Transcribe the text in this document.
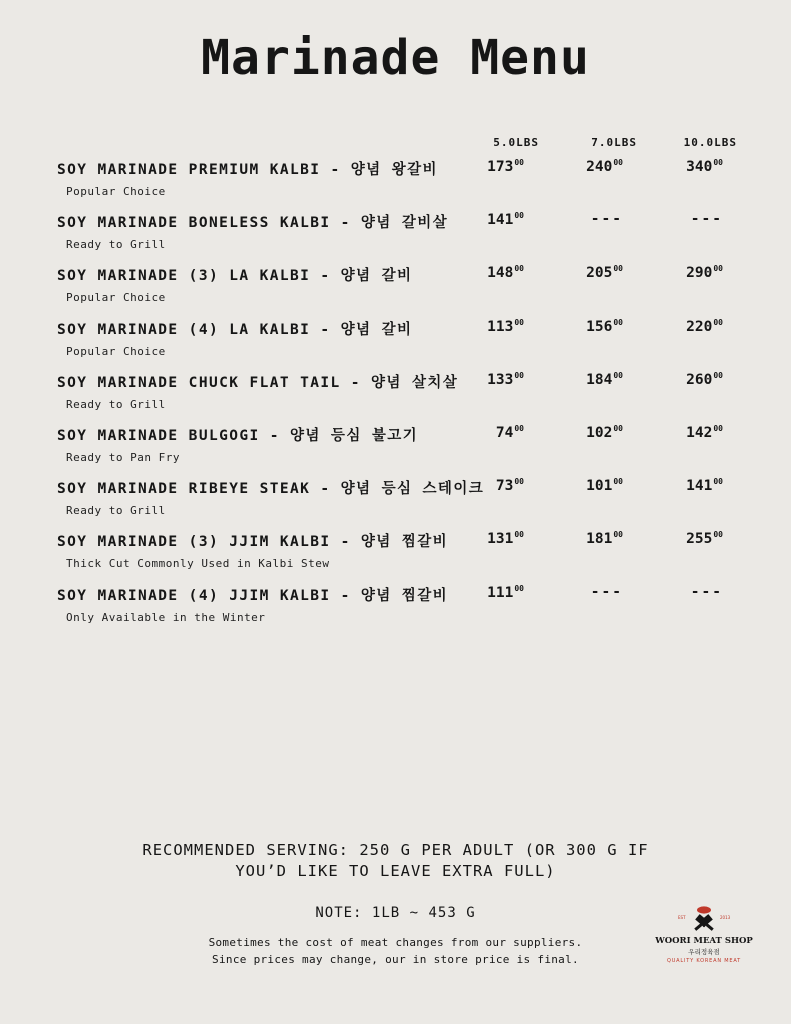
Marinade Menu
5.0LBS	7.0LBS	10.0LBS
SOY MARINADE PREMIUM KALBI - 양념 왕갈비
Popular Choice
$173^{00}$	$240^{00}$	$340^{00}$
SOY MARINADE BONELESS KALBI - 양념 갈비살
Ready to Grill
$141^{00}$	---	---
SOY MARINADE (3) LA KALBI - 양념 갈비
Popular Choice
$148^{00}$	$205^{00}$	$290^{00}$
SOY MARINADE (4) LA KALBI - 양념 갈비
Popular Choice
$113^{00}$	$156^{00}$	$220^{00}$
SOY MARINADE CHUCK FLAT TAIL - 양념 살치살
Ready to Grill
$133^{00}$	$184^{00}$	$260^{00}$
SOY MARINADE BULGOGI - 양념 등심 불고기
Ready to Pan Fry
$74^{00}$	$102^{00}$	$142^{00}$
SOY MARINADE RIBEYE STEAK - 양념 등심 스테이크
Ready to Grill
$73^{00}$	$101^{00}$	$141^{00}$
SOY MARINADE (3) JJIM KALBI - 양념 찜갈비
Thick Cut Commonly Used in Kalbi Stew
$131^{00}$	$181^{00}$	$255^{00}$
SOY MARINADE (4) JJIM KALBI - 양념 찜갈비
Only Available in the Winter
$111^{00}$	---	---
RECOMMENDED SERVING: 250 G PER ADULT (OR 300 G IF
YOU’D LIKE TO LEAVE EXTRA FULL)
NOTE: 1LB ~ 453 G
Sometimes the cost of meat changes from our suppliers.
Since prices may change, our in store price is final.
EST	2013
WOORI MEAT SHOP
우리정육점
QUALITY KOREAN MEAT
